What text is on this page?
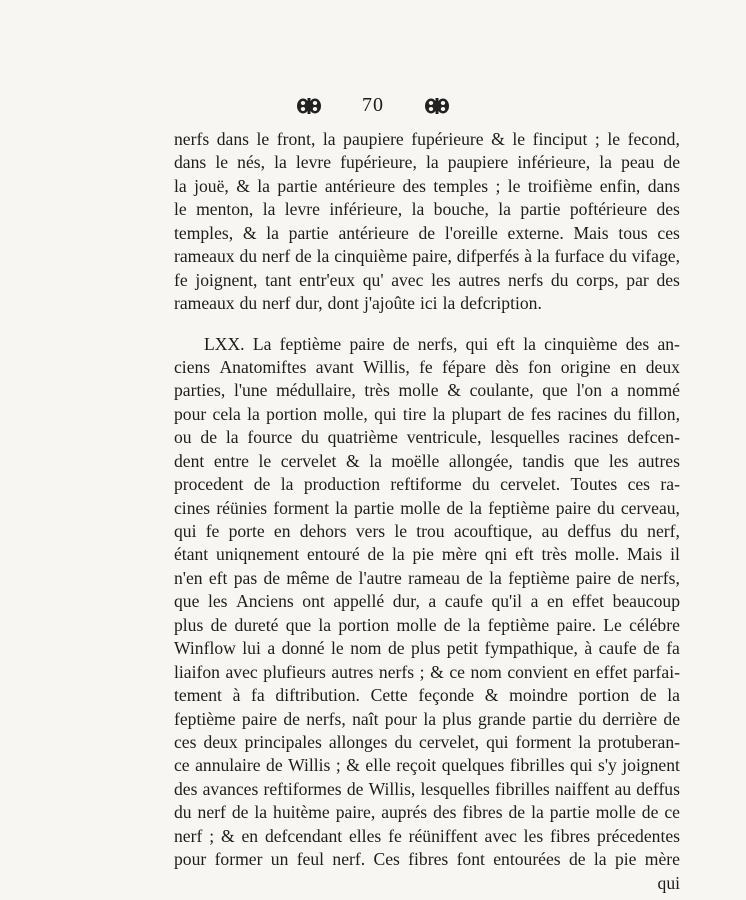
70
nerfs dans le front, la paupiere fupérieure & le finciput ; le fecond,
dans le nés, la levre fupérieure, la paupiere inférieure, la peau de
la jouë, & la partie antérieure des temples ; le troifième enfin, dans
le menton, la levre inférieure, la bouche, la partie poftérieure des
temples, & la partie antérieure de l'oreille externe. Mais tous ces
rameaux du nerf de la cinquième paire, difperfés à la furface du vifage,
fe joignent, tant entr'eux qu' avec les autres nerfs du corps, par des
rameaux du nerf dur, dont j'ajoûte ici la defcription.
LXX. La feptième paire de nerfs, qui eft la cinquième des an-
ciens Anatomiftes avant Willis, fe fépare dès fon origine en deux
parties, l'une médullaire, très molle & coulante, que l'on a nommé
pour cela la portion molle, qui tire la plupart de fes racines du fillon,
ou de la fource du quatrième ventricule, lesquelles racines defcen-
dent entre le cervelet & la moëlle allongée, tandis que les autres
procedent de la production reftiforme du cervelet. Toutes ces ra-
cines réünies forment la partie molle de la feptième paire du cerveau,
qui fe porte en dehors vers le trou acouftique, au deffus du nerf,
étant uniqnement entouré de la pie mère qni eft très molle. Mais il
n'en eft pas de même de l'autre rameau de la feptième paire de nerfs,
que les Anciens ont appellé dur, a caufe qu'il a en effet beaucoup
plus de dureté que la portion molle de la feptième paire. Le célébre
Winflow lui a donné le nom de plus petit fympathique, à caufe de fa
liaifon avec plufieurs autres nerfs ; & ce nom convient en effet parfai-
tement à fa diftribution. Cette feçonde & moindre portion de la
feptième paire de nerfs, naît pour la plus grande partie du derrière de
ces deux principales allonges du cervelet, qui forment la protuberan-
ce annulaire de Willis ; & elle reçoit quelques fibrilles qui s'y joignent
des avances reftiformes de Willis, lesquelles fibrilles naiffent au deffus
du nerf de la huitème paire, auprés des fibres de la partie molle de ce
nerf ; & en defcendant elles fe réüniffent avec les fibres précedentes
pour former un feul nerf. Ces fibres font entourées de la pie mère
qui
